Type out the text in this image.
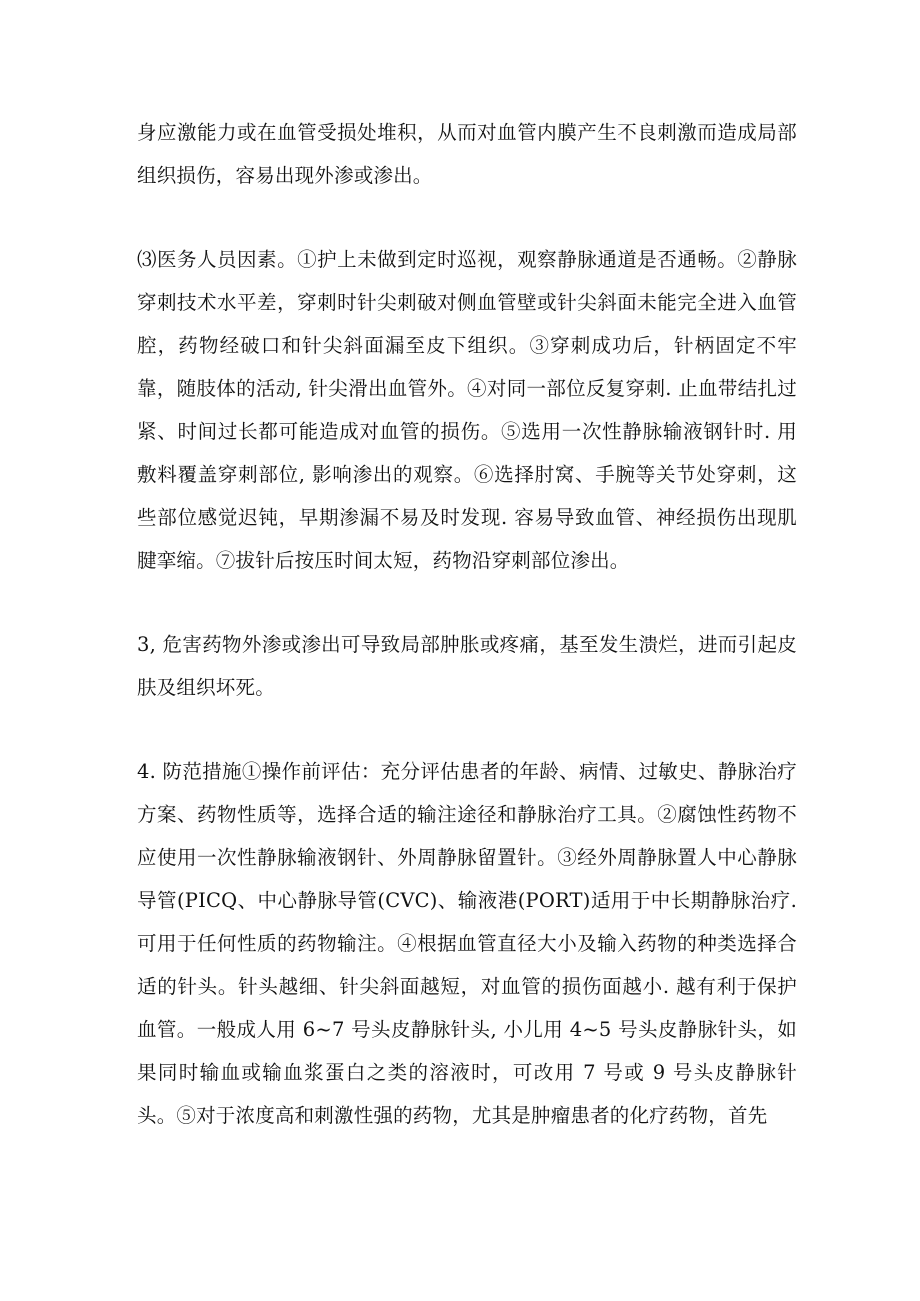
身应激能力或在血管受损处堆积，从而对血管内膜产生不良刺激而造成局部组织损伤，容易出现外渗或渗出。

⑶医务人员因素。①护上未做到定时巡视，观察静脉通道是否通畅。②静脉穿刺技术水平差，穿刺时针尖刺破对侧血管壁或针尖斜面未能完全进入血管腔，药物经破口和针尖斜面漏至皮下组织。③穿刺成功后，针柄固定不牢靠，随肢体的活动, 针尖滑出血管外。④对同一部位反复穿刺. 止血带结扎过紧、时间过长都可能造成对血管的损伤。⑤选用一次性静脉输液钢针时. 用敷料覆盖穿刺部位, 影响渗出的观察。⑥选择肘窝、手腕等关节处穿刺，这些部位感觉迟钝，早期渗漏不易及时发现. 容易导致血管、神经损伤出现肌腱挛缩。⑦拔针后按压时间太短，药物沿穿刺部位渗出。

3, 危害药物外渗或渗出可导致局部肿胀或疼痛，基至发生溃烂，进而引起皮肤及组织坏死。

4. 防范措施①操作前评估：充分评估患者的年龄、病情、过敏史、静脉治疗方案、药物性质等，选择合适的输注途径和静脉治疗工具。②腐蚀性药物不应使用一次性静脉输液钢针、外周静脉留置针。③经外周静脉置人中心静脉导管(PICQ、中心静脉导管(CVC)、输液港(PORT)适用于中长期静脉治疗. 可用于任何性质的药物输注。④根据血管直径大小及输入药物的种类选择合适的针头。针头越细、针尖斜面越短，对血管的损伤面越小. 越有利于保护血管。一般成人用 6~7 号头皮静脉针头, 小儿用 4~5 号头皮静脉针头，如果同时输血或输血浆蛋白之类的溶液时，可改用 7 号或 9 号头皮静脉针头。⑤对于浓度高和刺激性强的药物，尤其是肿瘤患者的化疗药物，首先
